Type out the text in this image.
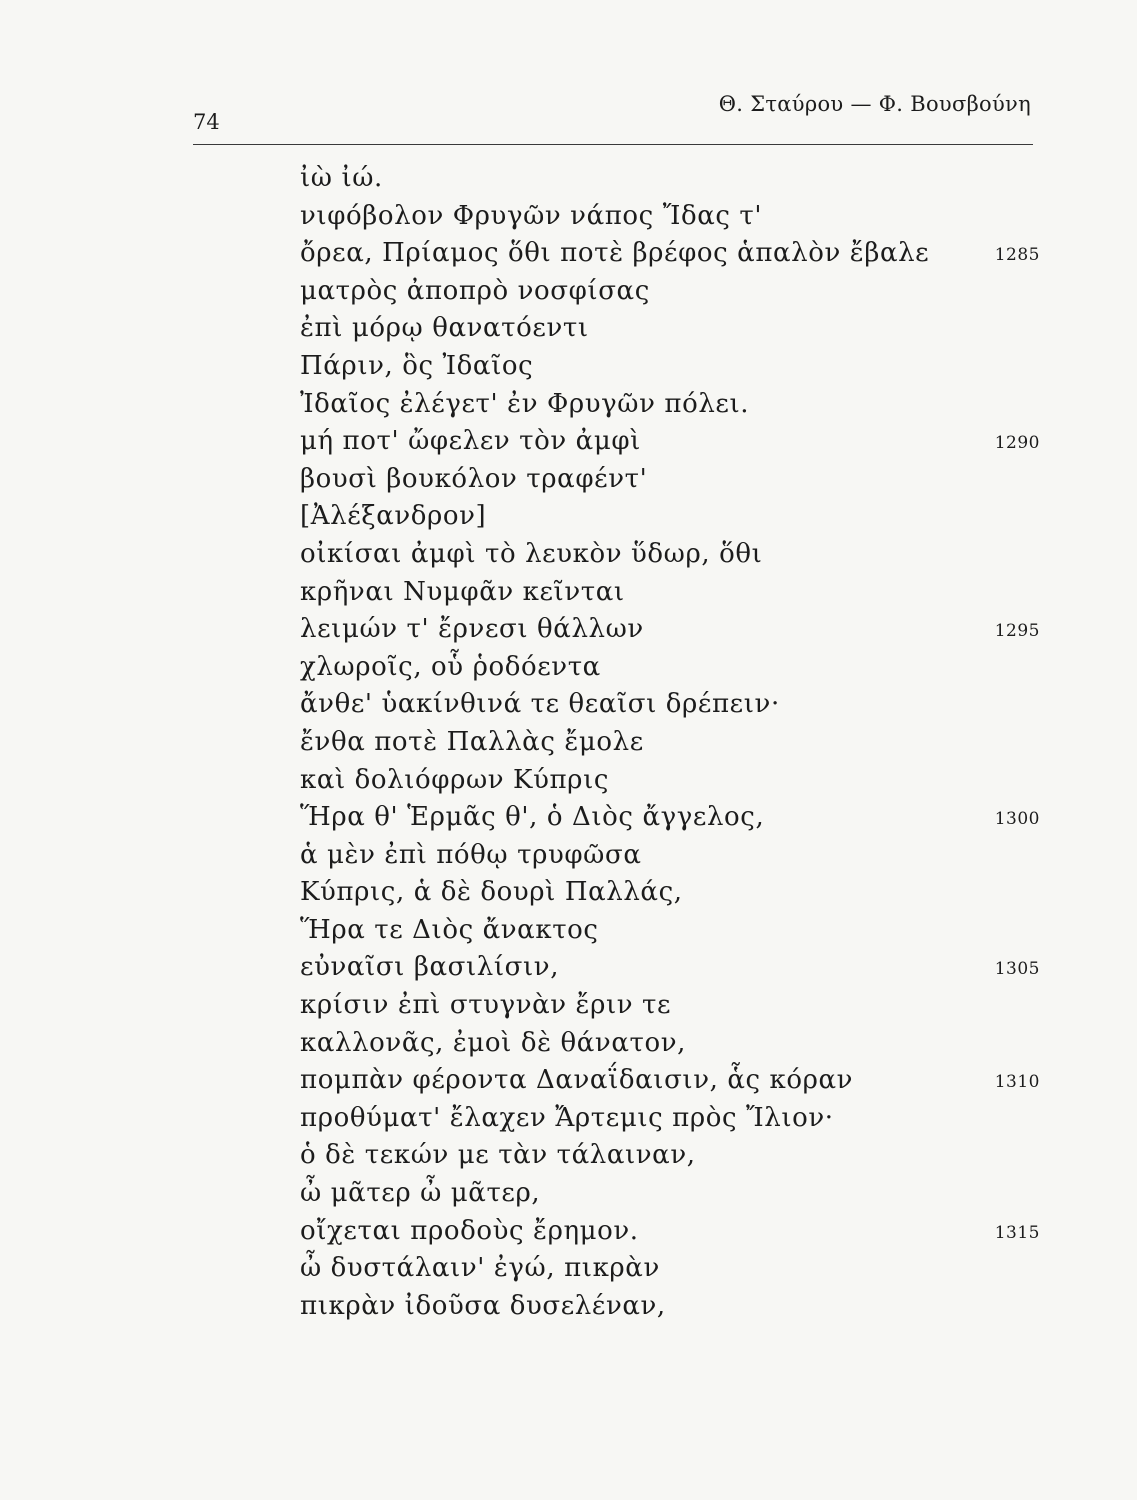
74
Θ. Σταύρου — Φ. Βουσβούνη
ἰὼ ἰώ.
νιφόβολον Φρυγῶν νάπος Ἴδας τ'
ὄρεα, Πρίαμος ὅθι ποτὲ βρέφος ἁπαλὸν ἔβαλε	1285
ματρὸς ἀποπρὸ νοσφίσας
ἐπὶ μόρῳ θανατόεντι
Πάριν, ὃς Ἰδαῖος
Ἰδαῖος ἐλέγετ' ἐν Φρυγῶν πόλει.
μή ποτ' ὤφελεν τὸν ἀμφὶ	1290
βουσὶ βουκόλον τραφέντ'
[Ἀλέξανδρον]
οἰκίσαι ἀμφὶ τὸ λευκὸν ὕδωρ, ὅθι
κρῆναι Νυμφᾶν κεῖνται
λειμών τ' ἔρνεσι θάλλων	1295
χλωροῖς, οὗ ῥοδόεντα
ἄνθε' ὑακίνθινά τε θεαῖσι δρέπειν·
ἔνθα ποτὲ Παλλὰς ἔμολε
καὶ δολιόφρων Κύπρις
Ἥρα θ' Ἑρμᾶς θ', ὁ Διὸς ἄγγελος,	1300
ἁ μὲν ἐπὶ πόθῳ τρυφῶσα
Κύπρις, ἁ δὲ δουρὶ Παλλάς,
Ἥρα τε Διὸς ἄνακτος
εὐναῖσι βασιλίσιν,	1305
κρίσιν ἐπὶ στυγνὰν ἔριν τε
καλλονᾶς, ἐμοὶ δὲ θάνατον,
πομπὰν φέροντα Δαναΐδαισιν, ἇς κόραν	1310
προθύματ' ἔλαχεν Ἄρτεμις πρὸς Ἴλιον·
ὁ δὲ τεκών με τὰν τάλαιναν,
ὦ μᾶτερ ὦ μᾶτερ,
οἴχεται προδοὺς ἔρημον.	1315
ὦ δυστάλαιν' ἐγώ, πικρὰν
πικρὰν ἰδοῦσα δυσελέναν,
